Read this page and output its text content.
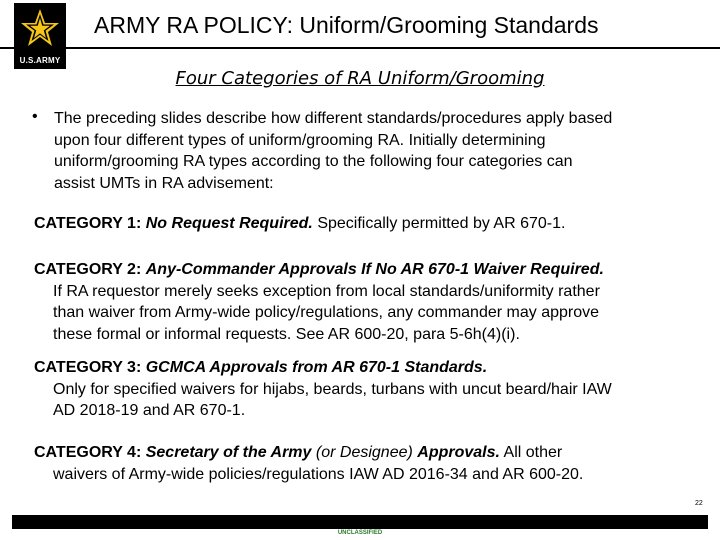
U.S.ARMY
ARMY RA POLICY: Uniform/Grooming Standards
Four Categories of RA Uniform/Grooming
• The preceding slides describe how different standards/procedures apply based
upon four different types of uniform/grooming RA. Initially determining
uniform/grooming RA types according to the following four categories can
assist UMTs in RA advisement:
CATEGORY 1: No Request Required. Specifically permitted by AR 670-1.
CATEGORY 2: Any-Commander Approvals If No AR 670-1 Waiver Required.
If RA requestor merely seeks exception from local standards/uniformity rather
than waiver from Army-wide policy/regulations, any commander may approve
these formal or informal requests. See AR 600-20, para 5-6h(4)(i).
CATEGORY 3: GCMCA Approvals from AR 670-1 Standards.
Only for specified waivers for hijabs, beards, turbans with uncut beard/hair IAW
AD 2018-19 and AR 670-1.
CATEGORY 4: Secretary of the Army (or Designee) Approvals. All other
waivers of Army-wide policies/regulations IAW AD 2016-34 and AR 600-20.
22
UNCLASSIFIED
